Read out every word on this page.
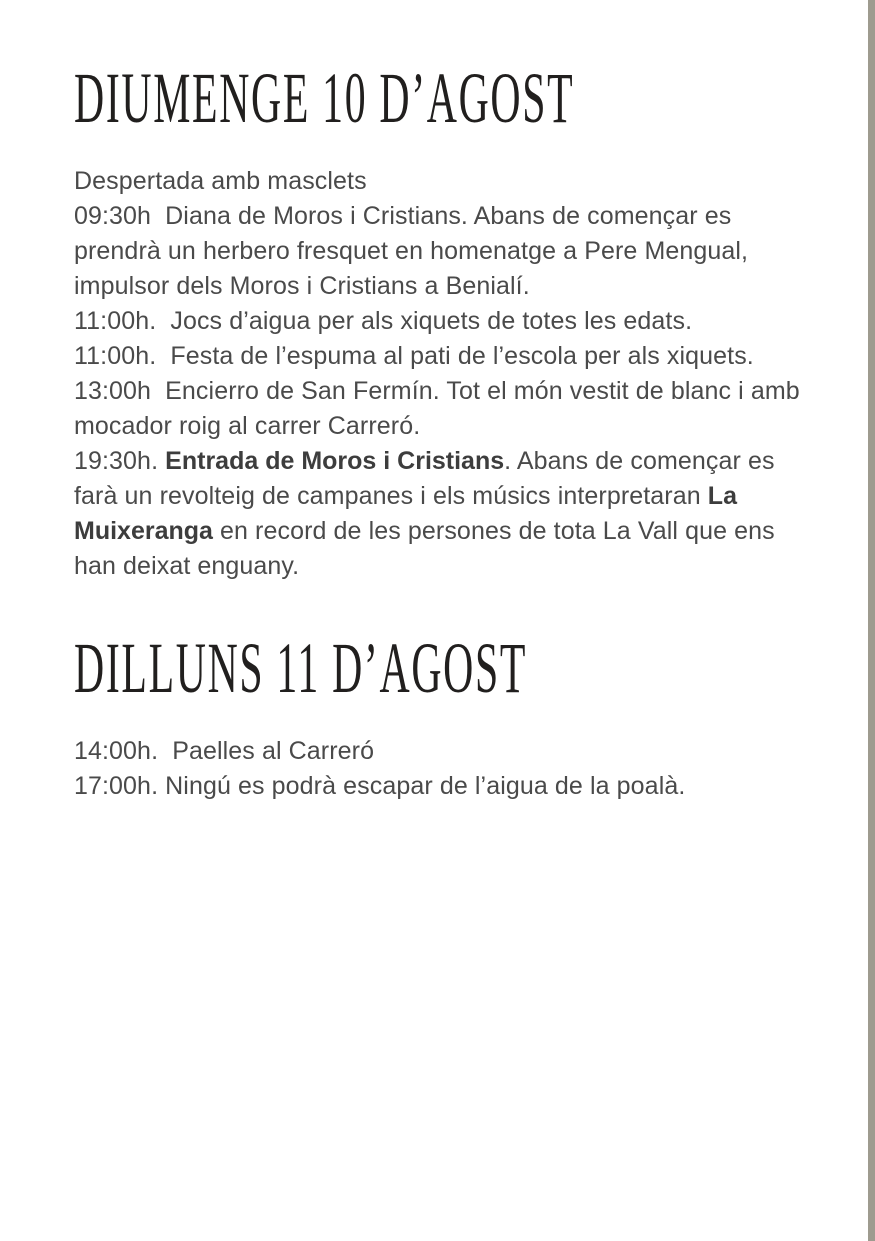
DIUMENGE 10 D’AGOST

Despertada amb masclets

09:30h  Diana de Moros i Cristians. Abans de començar es prendrà un herbero fresquet en homenatge a Pere Mengual, impulsor dels Moros i Cristians a Benialí.

11:00h.  Jocs d’aigua per als xiquets de totes les edats.

11:00h.  Festa de l’espuma al pati de l’escola per als xiquets.

13:00h  Encierro de San Fermín. Tot el món vestit de blanc i amb mocador roig al carrer Carreró.

19:30h. Entrada de Moros i Cristians. Abans de començar es farà un revolteig de campanes i els músics interpretaran La Muixeranga en record de les persones de tota La Vall que ens han deixat enguany.

DILLUNS 11 D’AGOST

14:00h.  Paelles al Carreró

17:00h. Ningú es podrà escapar de l’aigua de la poalà.
